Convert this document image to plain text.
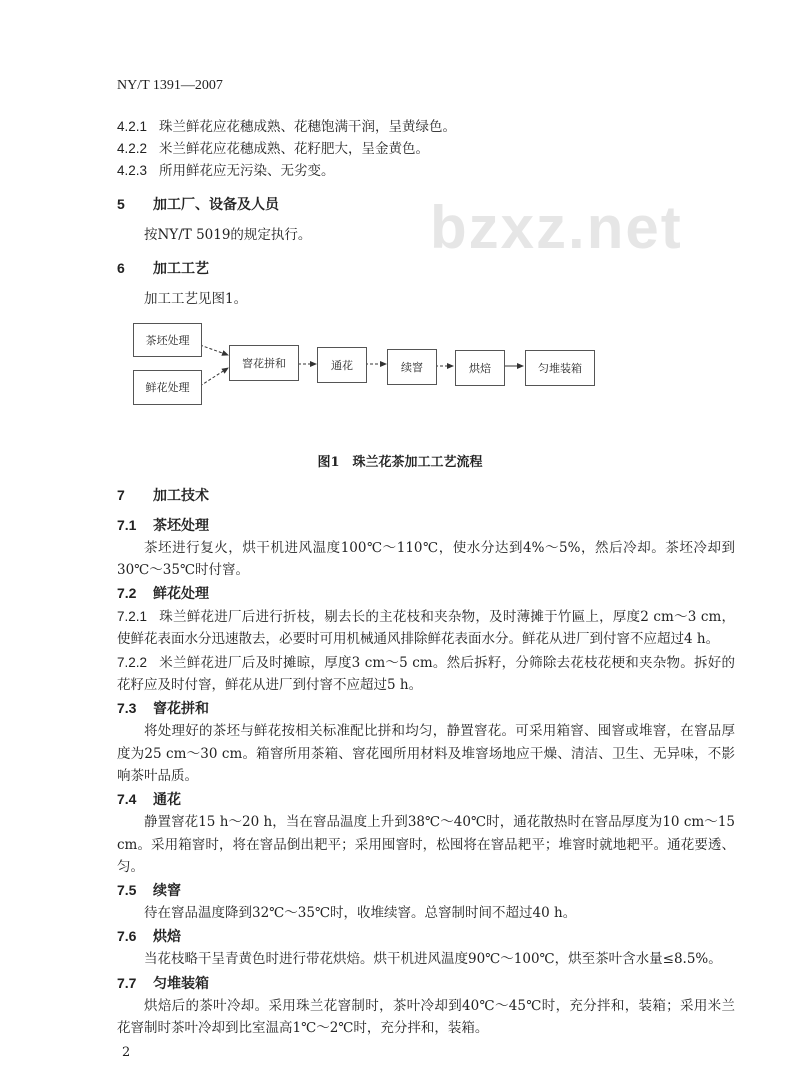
bzxz.net
NY/T 1391—2007
4.2.1 珠兰鲜花应花穗成熟、花穗饱满干润，呈黄绿色。
4.2.2 米兰鲜花应花穗成熟、花籽肥大，呈金黄色。
4.2.3 所用鲜花应无污染、无劣变。
5 加工厂、设备及人员
按NY/T 5019的规定执行。
6 加工工艺
加工工艺见图1。
茶坯处理
鲜花处理
窨花拼和	通花	续窨	烘焙	匀堆装箱
图1　珠兰花茶加工工艺流程
7 加工技术
7.1 茶坯处理
茶坯进行复火，烘干机进风温度100℃～110℃，使水分达到4%～5%，然后冷却。茶坯冷却到30℃～35℃时付窨。
7.2 鲜花处理
7.2.1 珠兰鲜花进厂后进行折枝，剔去长的主花枝和夹杂物，及时薄摊于竹匾上，厚度2 cm～3 cm，使鲜花表面水分迅速散去，必要时可用机械通风排除鲜花表面水分。鲜花从进厂到付窨不应超过4 h。
7.2.2 米兰鲜花进厂后及时摊晾，厚度3 cm～5 cm。然后拆籽，分筛除去花枝花梗和夹杂物。拆好的花籽应及时付窨，鲜花从进厂到付窨不应超过5 h。
7.3 窨花拼和
将处理好的茶坯与鲜花按相关标准配比拼和均匀，静置窨花。可采用箱窨、囤窨或堆窨，在窨品厚度为25 cm～30 cm。箱窨所用茶箱、窨花囤所用材料及堆窨场地应干燥、清洁、卫生、无异味，不影响茶叶品质。
7.4 通花
静置窨花15 h～20 h，当在窨品温度上升到38℃～40℃时，通花散热时在窨品厚度为10 cm～15 cm。采用箱窨时，将在窨品倒出耙平；采用囤窨时，松囤将在窨品耙平；堆窨时就地耙平。通花要透、匀。
7.5 续窨
待在窨品温度降到32℃～35℃时，收堆续窨。总窨制时间不超过40 h。
7.6 烘焙
当花枝略干呈青黄色时进行带花烘焙。烘干机进风温度90℃～100℃，烘至茶叶含水量≤8.5%。
7.7 匀堆装箱
烘焙后的茶叶冷却。采用珠兰花窨制时，茶叶冷却到40℃～45℃时，充分拌和，装箱；采用米兰花窨制时茶叶冷却到比室温高1℃～2℃时，充分拌和，装箱。
2
